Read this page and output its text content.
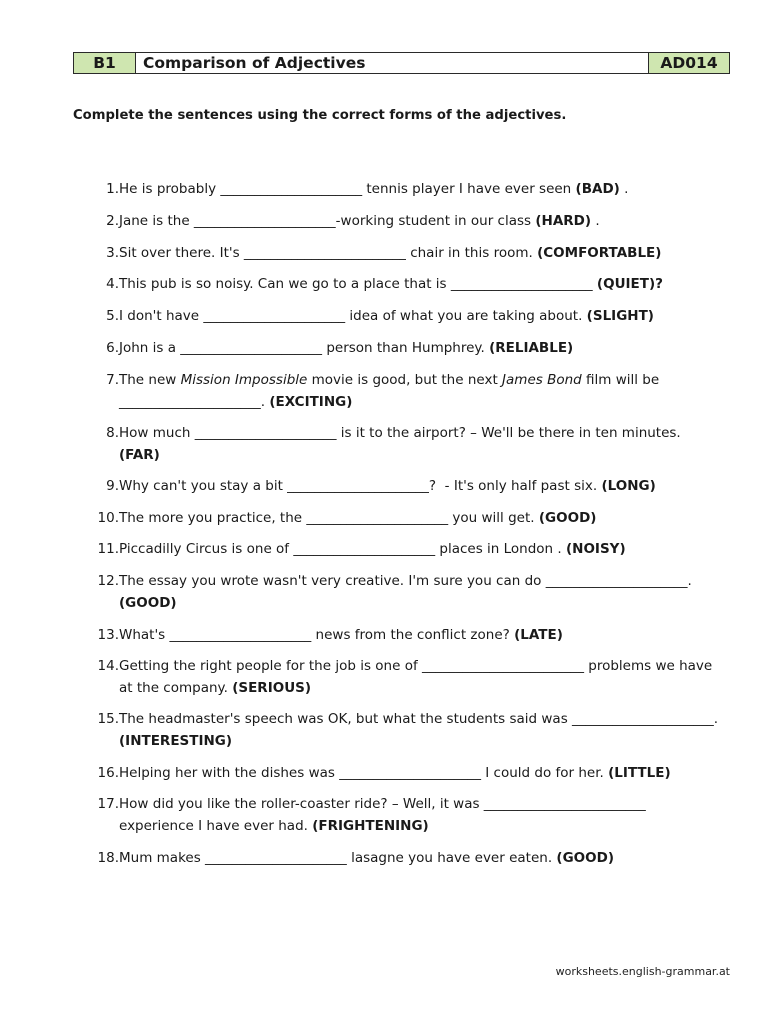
B1	Comparison of Adjectives	AD014
Complete the sentences using the correct forms of the adjectives.
1. He is probably _____________________ tennis player I have ever seen (BAD) .
2. Jane is the _____________________-working student in our class (HARD) .
3. Sit over there. It's ________________________ chair in this room. (COMFORTABLE)
4. This pub is so noisy. Can we go to a place that is _____________________ (QUIET)?
5. I don't have _____________________ idea of what you are taking about. (SLIGHT)
6. John is a _____________________ person than Humphrey. (RELIABLE)
7. The new Mission Impossible movie is good, but the next James Bond film will be _____________________. (EXCITING)
8. How much _____________________ is it to the airport? – We'll be there in ten minutes. (FAR)
9. Why can't you stay a bit _____________________?  - It's only half past six. (LONG)
10. The more you practice, the _____________________ you will get. (GOOD)
11. Piccadilly Circus is one of _____________________ places in London . (NOISY)
12. The essay you wrote wasn't very creative. I'm sure you can do _____________________. (GOOD)
13. What's _____________________ news from the conflict zone? (LATE)
14. Getting the right people for the job is one of ________________________ problems we have at the company. (SERIOUS)
15. The headmaster's speech was OK, but what the students said was _____________________. (INTERESTING)
16. Helping her with the dishes was _____________________ I could do for her. (LITTLE)
17. How did you like the roller-coaster ride? – Well, it was ________________________ experience I have ever had. (FRIGHTENING)
18. Mum makes _____________________ lasagne you have ever eaten. (GOOD)
worksheets.english-grammar.at
